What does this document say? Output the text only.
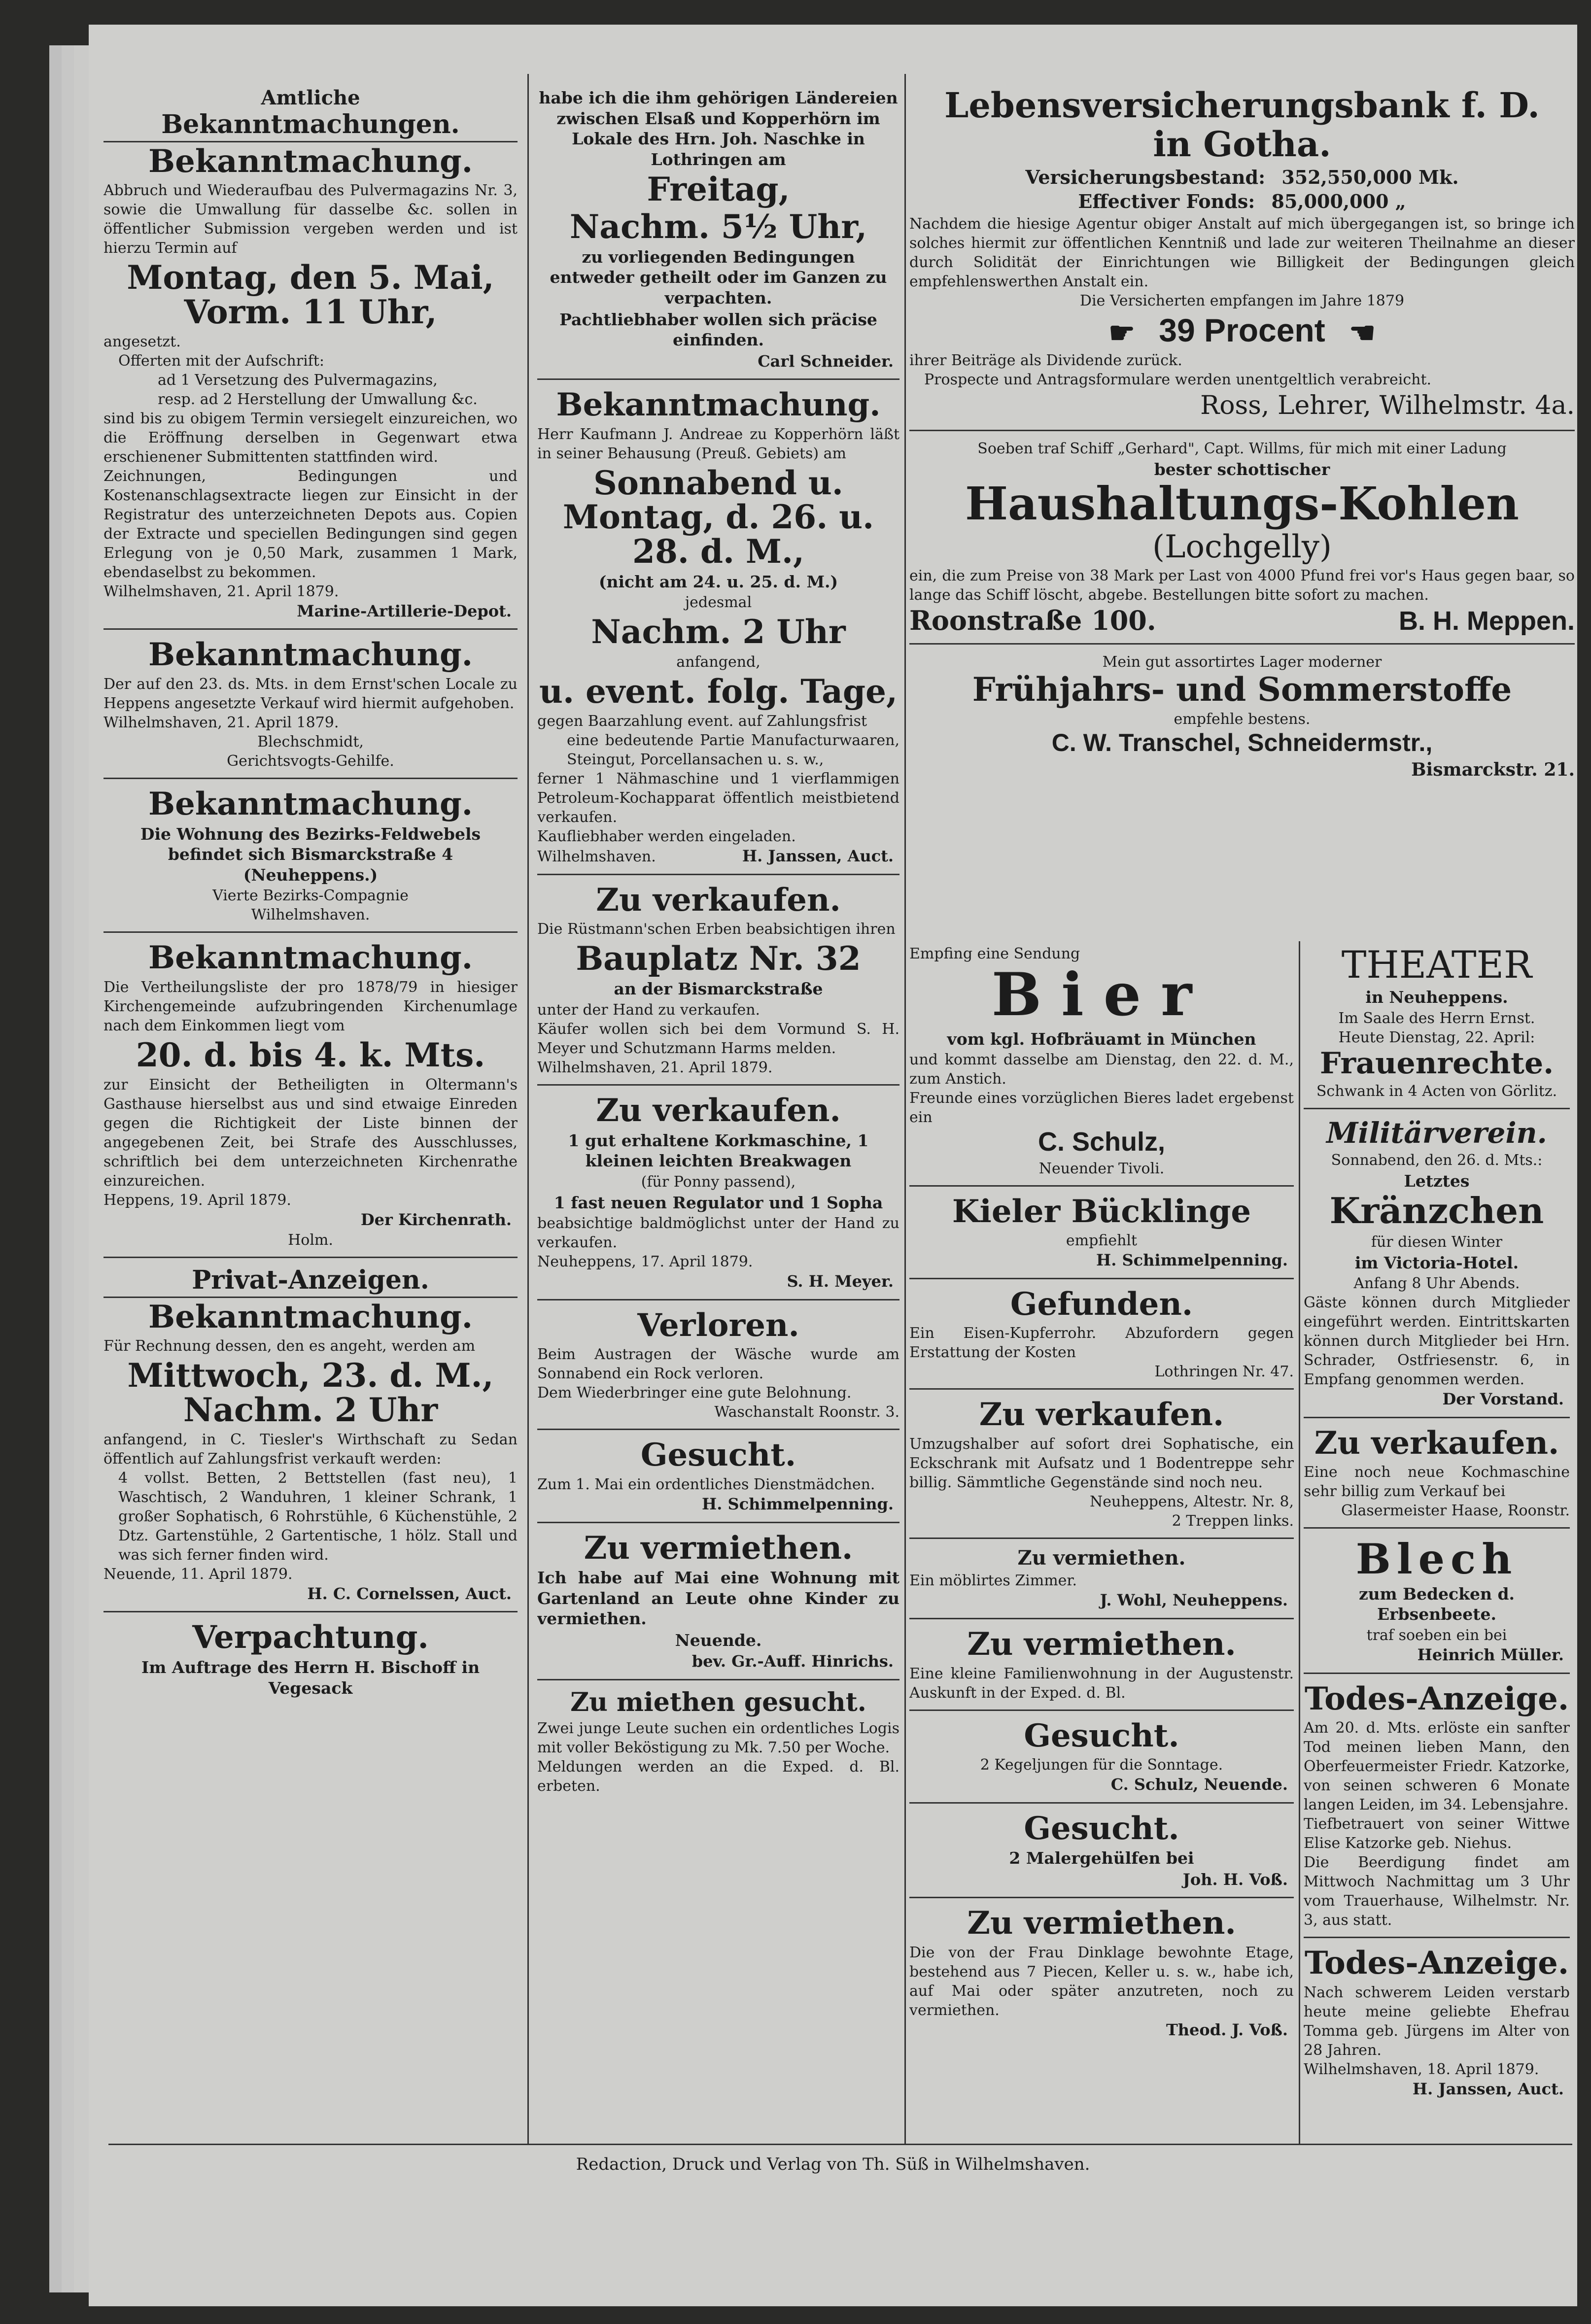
Amtliche
Bekanntmachungen.
Bekanntmachung.

Abbruch und Wiederaufbau des Pulvermagazins Nr. 3, sowie die Umwallung für dasselbe &c. sollen in öffentlicher Submission vergeben werden und ist hierzu Termin auf

Montag, den 5. Mai, Vorm. 11 Uhr,

angesetzt.

Offerten mit der Aufschrift:

ad 1 Versetzung des Pulvermagazins,

resp. ad 2 Herstellung der Umwallung &c.

sind bis zu obigem Termin versiegelt einzureichen, wo die Eröffnung derselben in Gegenwart etwa erschienener Submittenten stattfinden wird.

Zeichnungen, Bedingungen und Kostenanschlagsextracte liegen zur Einsicht in der Registratur des unterzeichneten Depots aus. Copien der Extracte und speciellen Bedingungen sind gegen Erlegung von je 0,50 Mark, zusammen 1 Mark, ebendaselbst zu bekommen.

Wilhelmshaven, 21. April 1879.

Marine-Artillerie-Depot.

Bekanntmachung.

Der auf den 23. ds. Mts. in dem Ernst'schen Locale zu Heppens angesetzte Verkauf wird hiermit aufgehoben.

Wilhelmshaven, 21. April 1879.

Blechschmidt,

Gerichtsvogts-Gehilfe.

Bekanntmachung.

Die Wohnung des Bezirks-Feldwebels befindet sich Bismarckstraße 4 (Neuheppens.)

Vierte Bezirks-Compagnie

Wilhelmshaven.

Bekanntmachung.

Die Vertheilungsliste der pro 1878/79 in hiesiger Kirchengemeinde aufzubringenden Kirchenumlage nach dem Einkommen liegt vom

20. d. bis 4. k. Mts.

zur Einsicht der Betheiligten in Oltermann's Gasthause hierselbst aus und sind etwaige Einreden gegen die Richtigkeit der Liste binnen der angegebenen Zeit, bei Strafe des Ausschlusses, schriftlich bei dem unterzeichneten Kirchenrathe einzureichen.

Heppens, 19. April 1879.

Der Kirchenrath.

Holm.

Privat-Anzeigen.
Bekanntmachung.

Für Rechnung dessen, den es angeht, werden am

Mittwoch, 23. d. M., Nachm. 2 Uhr

anfangend, in C. Tiesler's Wirthschaft zu Sedan öffentlich auf Zahlungsfrist verkauft werden:

4 vollst. Betten, 2 Bettstellen (fast neu), 1 Waschtisch, 2 Wanduhren, 1 kleiner Schrank, 1 großer Sophatisch, 6 Rohrstühle, 6 Küchenstühle, 2 Dtz. Gartenstühle, 2 Gartentische, 1 hölz. Stall und was sich ferner finden wird.

Neuende, 11. April 1879.

H. C. Cornelssen, Auct.

Verpachtung.

Im Auftrage des Herrn H. Bischoff in Vegesack

habe ich die ihm gehörigen Ländereien zwischen Elsaß und Kopperhörn im Lokale des Hrn. Joh. Naschke in Lothringen am

Freitag,
Nachm. 5½ Uhr,

zu vorliegenden Bedingungen entweder getheilt oder im Ganzen zu verpachten.

Pachtliebhaber wollen sich präcise einfinden.

Carl Schneider.

Bekanntmachung.

Herr Kaufmann J. Andreae zu Kopperhörn läßt in seiner Behausung (Preuß. Gebiets) am

Sonnabend u. Montag, d. 26. u. 28. d. M.,

(nicht am 24. u. 25. d. M.)

jedesmal

Nachm. 2 Uhr

anfangend,

u. event. folg. Tage,

gegen Baarzahlung event. auf Zahlungsfrist

eine bedeutende Partie Manufacturwaaren, Steingut, Porcellansachen u. s. w.,

ferner 1 Nähmaschine und 1 vierflammigen Petroleum-Kochapparat öffentlich meistbietend verkaufen.

Kaufliebhaber werden eingeladen.

Wilhelmshaven.	H. Janssen, Auct.
Zu verkaufen.

Die Rüstmann'schen Erben beabsichtigen ihren

Bauplatz Nr. 32

an der Bismarckstraße

unter der Hand zu verkaufen.

Käufer wollen sich bei dem Vormund S. H. Meyer und Schutzmann Harms melden.

Wilhelmshaven, 21. April 1879.

Zu verkaufen.

1 gut erhaltene Korkmaschine, 1 kleinen leichten Breakwagen

(für Ponny passend),

1 fast neuen Regulator und 1 Sopha

beabsichtige baldmöglichst unter der Hand zu verkaufen.

Neuheppens, 17. April 1879.

S. H. Meyer.

Verloren.

Beim Austragen der Wäsche wurde am Sonnabend ein Rock verloren.

Dem Wiederbringer eine gute Belohnung.

Waschanstalt Roonstr. 3.

Gesucht.

Zum 1. Mai ein ordentliches Dienstmädchen.

H. Schimmelpenning.

Zu vermiethen.

Ich habe auf Mai eine Wohnung mit Gartenland an Leute ohne Kinder zu vermiethen.

Neuende.

bev. Gr.-Auff. Hinrichs.

Zu miethen gesucht.

Zwei junge Leute suchen ein ordentliches Logis mit voller Beköstigung zu Mk. 7.50 per Woche.

Meldungen werden an die Exped. d. Bl. erbeten.

Lebensversicherungsbank f. D.
in Gotha.
Versicherungsbestand: 352,550,000 Mk.
Effectiver Fonds: 85,000,000 „

Nachdem die hiesige Agentur obiger Anstalt auf mich übergegangen ist, so bringe ich solches hiermit zur öffentlichen Kenntniß und lade zur weiteren Theilnahme an dieser durch Solidität der Einrichtungen wie Billigkeit der Bedingungen gleich empfehlenswerthen Anstalt ein.

Die Versicherten empfangen im Jahre 1879

☛ 39 Procent ☚

ihrer Beiträge als Dividende zurück.

Prospecte und Antragsformulare werden unentgeltlich verabreicht.

Ross, Lehrer, Wilhelmstr. 4a.

Soeben traf Schiff „Gerhard", Capt. Willms, für mich mit einer Ladung

bester schottischer

Haushaltungs-Kohlen
(Lochgelly)

ein, die zum Preise von 38 Mark per Last von 4000 Pfund frei vor's Haus gegen baar, so lange das Schiff löscht, abgebe. Bestellungen bitte sofort zu machen.

Roonstraße 100.	B. H. Meppen.

Mein gut assortirtes Lager moderner

Frühjahrs- und Sommerstoffe

empfehle bestens.

C. W. Transchel, Schneidermstr.,

Bismarckstr. 21.

Empfing eine Sendung

Bier

vom kgl. Hofbräuamt in München

und kommt dasselbe am Dienstag, den 22. d. M., zum Anstich.

Freunde eines vorzüglichen Bieres ladet ergebenst ein

C. Schulz,

Neuender Tivoli.

Kieler Bücklinge

empfiehlt

H. Schimmelpenning.

Gefunden.

Ein Eisen-Kupferrohr. Abzufordern gegen Erstattung der Kosten

Lothringen Nr. 47.

Zu verkaufen.

Umzugshalber auf sofort drei Sophatische, ein Eckschrank mit Aufsatz und 1 Bodentreppe sehr billig. Sämmtliche Gegenstände sind noch neu.

Neuheppens, Altestr. Nr. 8,

2 Treppen links.

Zu vermiethen.

Ein möblirtes Zimmer.

J. Wohl, Neuheppens.

Zu vermiethen.

Eine kleine Familienwohnung in der Augustenstr. Auskunft in der Exped. d. Bl.

Gesucht.

2 Kegeljungen für die Sonntage.

C. Schulz, Neuende.

Gesucht.

2 Malergehülfen bei

Joh. H. Voß.

Zu vermiethen.

Die von der Frau Dinklage bewohnte Etage, bestehend aus 7 Piecen, Keller u. s. w., habe ich, auf Mai oder später anzutreten, noch zu vermiethen.

Theod. J. Voß.

THEATER

in Neuheppens.

Im Saale des Herrn Ernst.

Heute Dienstag, 22. April:

Frauenrechte.

Schwank in 4 Acten von Görlitz.

Militärverein.

Sonnabend, den 26. d. Mts.:

Letztes

Kränzchen

für diesen Winter

im Victoria-Hotel.

Anfang 8 Uhr Abends.

Gäste können durch Mitglieder eingeführt werden. Eintrittskarten können durch Mitglieder bei Hrn. Schrader, Ostfriesenstr. 6, in Empfang genommen werden.

Der Vorstand.

Zu verkaufen.

Eine noch neue Kochmaschine sehr billig zum Verkauf bei

Glasermeister Haase, Roonstr.

Blech

zum Bedecken d. Erbsenbeete.

traf soeben ein bei

Heinrich Müller.

Todes-Anzeige.

Am 20. d. Mts. erlöste ein sanfter Tod meinen lieben Mann, den Oberfeuermeister Friedr. Katzorke, von seinen schweren 6 Monate langen Leiden, im 34. Lebensjahre.

Tiefbetrauert von seiner Wittwe Elise Katzorke geb. Niehus.

Die Beerdigung findet am Mittwoch Nachmittag um 3 Uhr vom Trauerhause, Wilhelmstr. Nr. 3, aus statt.

Todes-Anzeige.

Nach schwerem Leiden verstarb heute meine geliebte Ehefrau Tomma geb. Jürgens im Alter von 28 Jahren.

Wilhelmshaven, 18. April 1879.

H. Janssen, Auct.

Redaction, Druck und Verlag von Th. Süß in Wilhelmshaven.
